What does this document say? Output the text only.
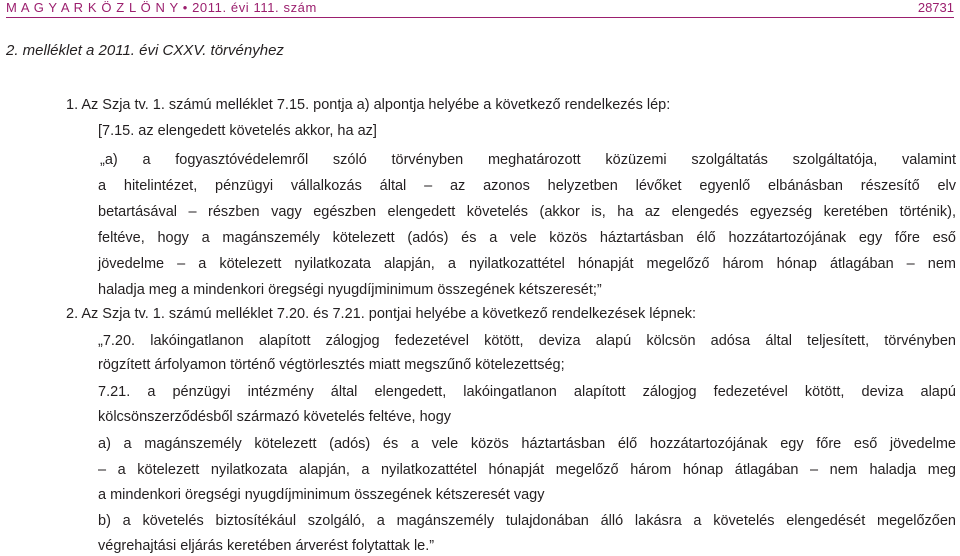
M A G Y A R K Ö Z L Ö N Y • 2011. évi 111. szám	28731
2. melléklet a 2011. évi CXXV. törvényhez
1. Az Szja tv. 1. számú melléklet 7.15. pontja a) alpontja helyébe a következő rendelkezés lép:
[7.15. az elengedett követelés akkor, ha az]
„a) a fogyasztóvédelemről szóló törvényben meghatározott közüzemi szolgáltatás szolgáltatója, valamint
a hitelintézet, pénzügyi vállalkozás által – az azonos helyzetben lévőket egyenlő elbánásban részesítő elv
betartásával – részben vagy egészben elengedett követelés (akkor is, ha az elengedés egyezség keretében történik),
feltéve, hogy a magánszemély kötelezett (adós) és a vele közös háztartásban élő hozzátartozójának egy főre eső
jövedelme – a kötelezett nyilatkozata alapján, a nyilatkozattétel hónapját megelőző három hónap átlagában – nem
haladja meg a mindenkori öregségi nyugdíjminimum összegének kétszeresét;”
2. Az Szja tv. 1. számú melléklet 7.20. és 7.21. pontjai helyébe a következő rendelkezések lépnek:
„7.20. lakóingatlanon alapított zálogjog fedezetével kötött, deviza alapú kölcsön adósa által teljesített, törvényben
rögzített árfolyamon történő végtörlesztés miatt megszűnő kötelezettség;
7.21. a pénzügyi intézmény által elengedett, lakóingatlanon alapított zálogjog fedezetével kötött, deviza alapú
kölcsönszerződésből származó követelés feltéve, hogy
a) a magánszemély kötelezett (adós) és a vele közös háztartásban élő hozzátartozójának egy főre eső jövedelme
– a kötelezett nyilatkozata alapján, a nyilatkozattétel hónapját megelőző három hónap átlagában – nem haladja meg
a mindenkori öregségi nyugdíjminimum összegének kétszeresét vagy
b) a követelés biztosítékául szolgáló, a magánszemély tulajdonában álló lakásra a követelés elengedését megelőzően
végrehajtási eljárás keretében árverést folytattak le.”
